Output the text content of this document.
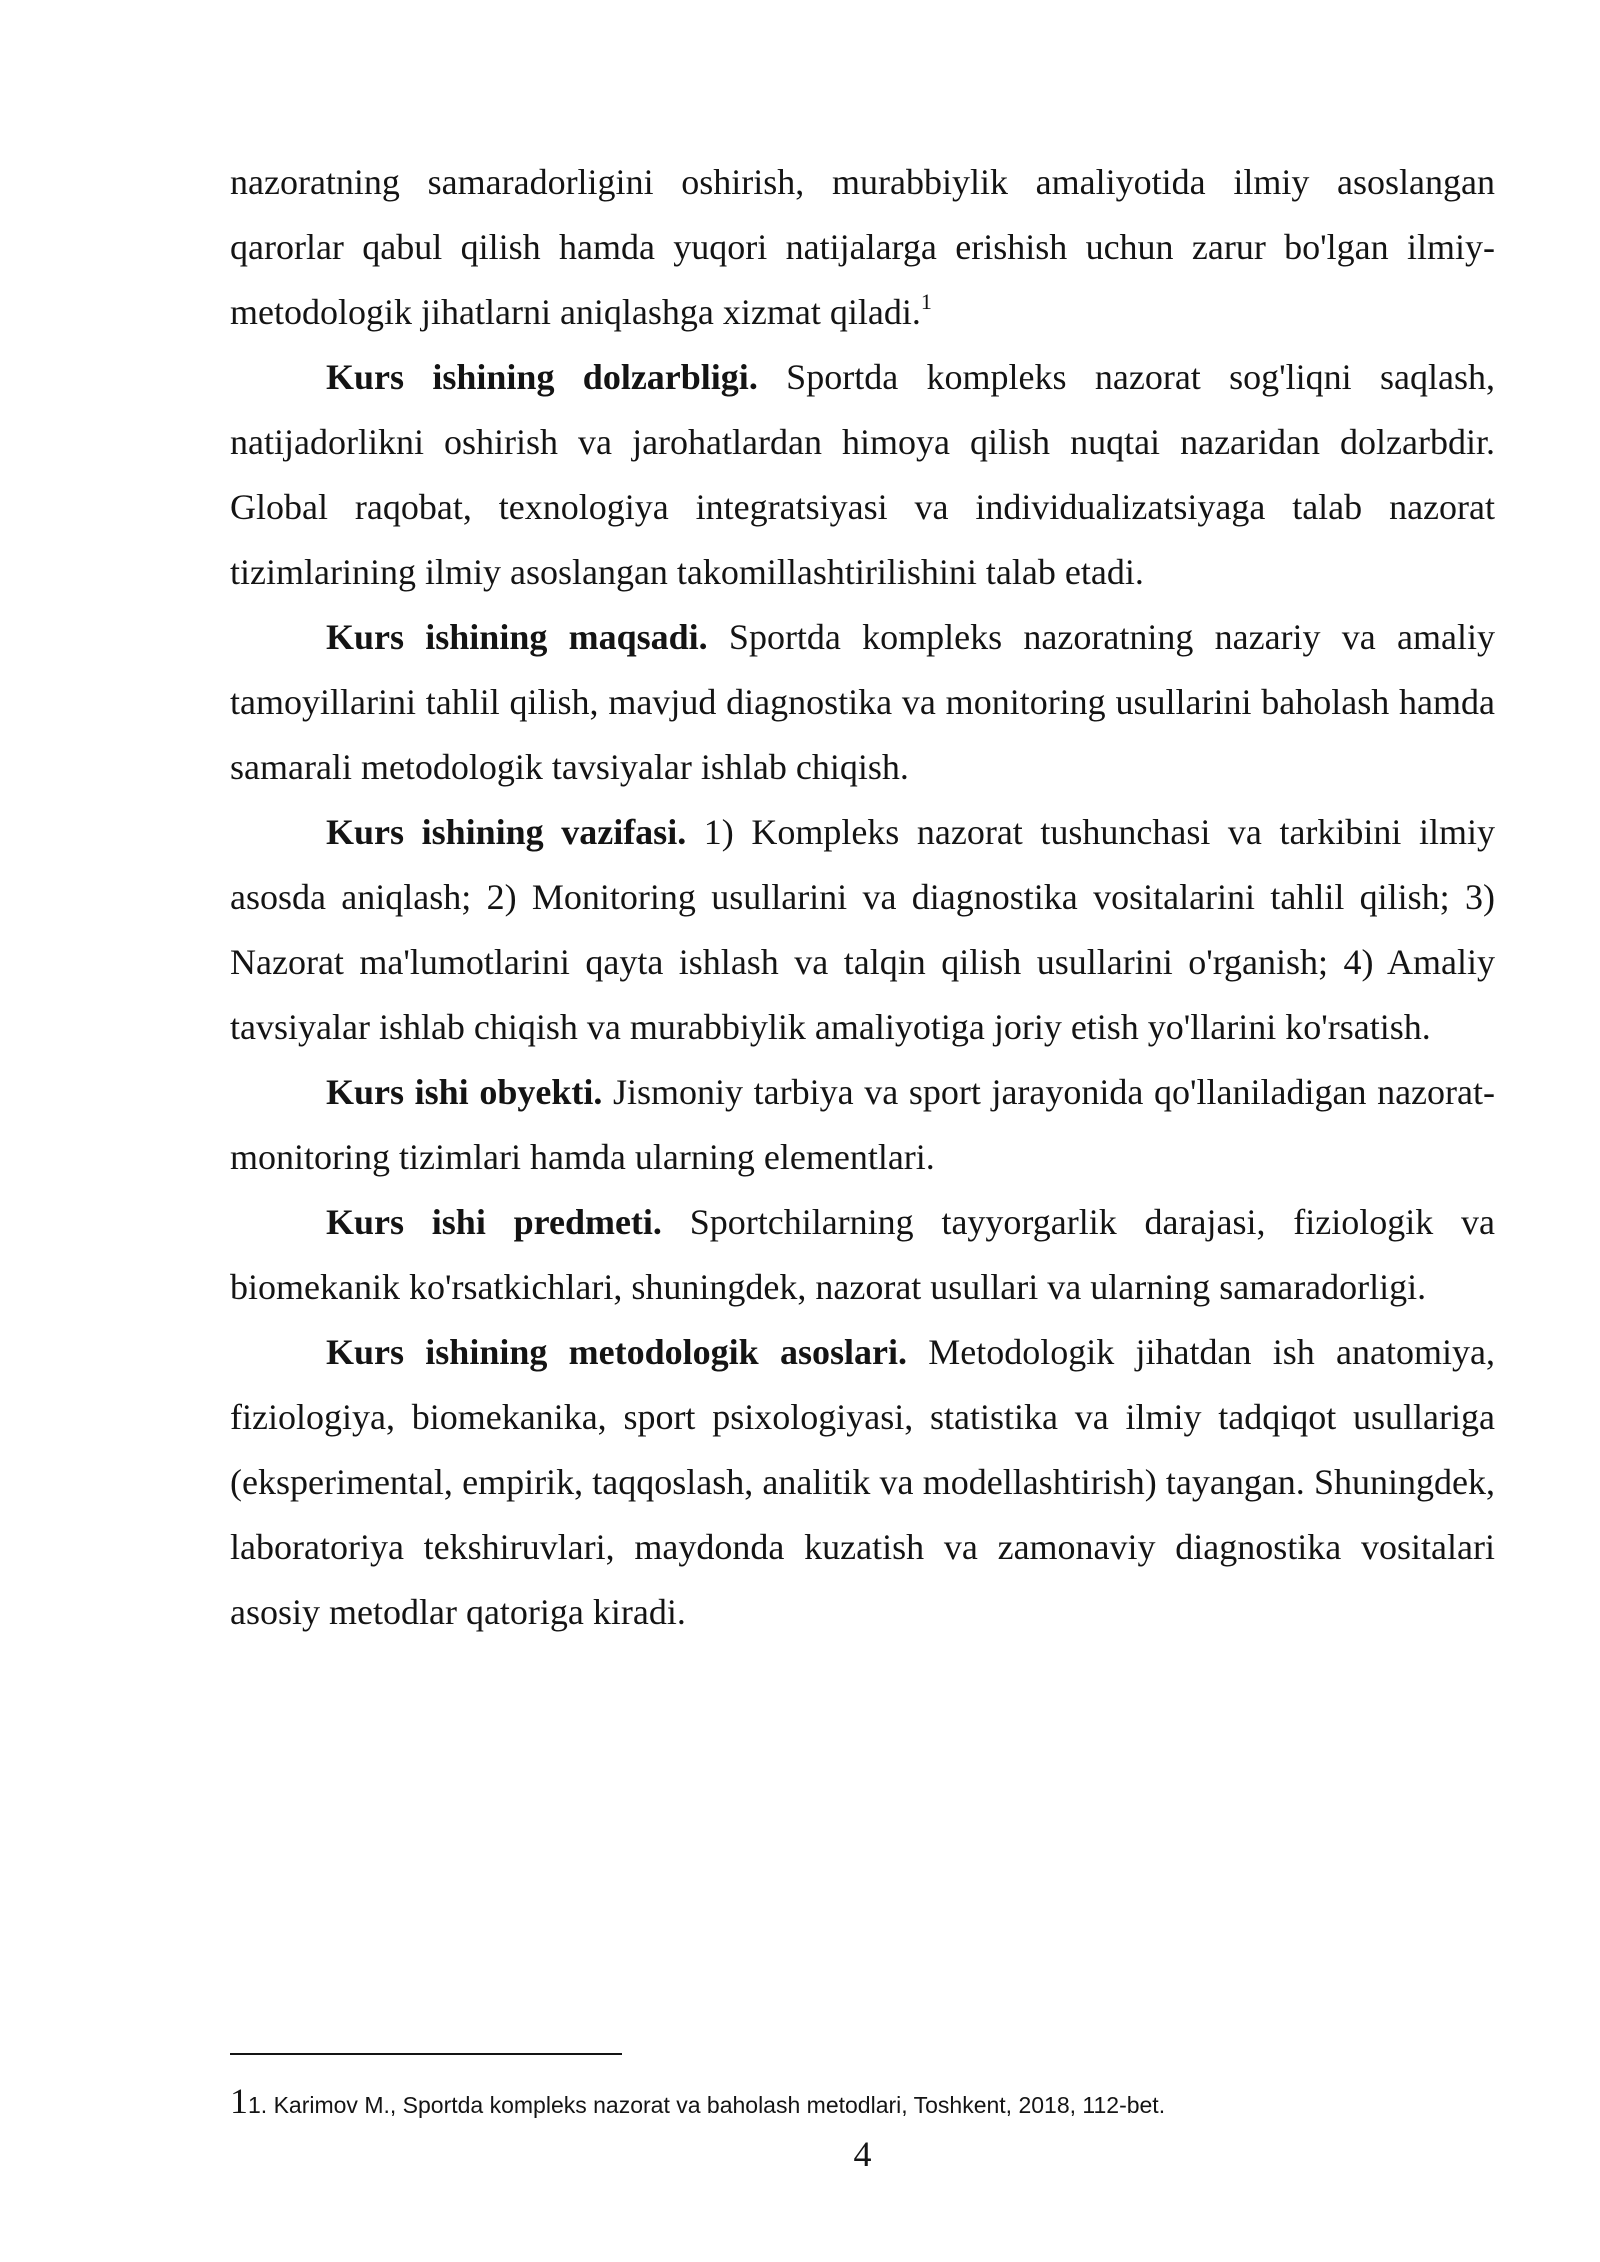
nazoratning samaradorligini oshirish, murabbiylik amaliyotida ilmiy asoslangan qarorlar qabul qilish hamda yuqori natijalarga erishish uchun zarur bo'lgan ilmiy-metodologik jihatlarni aniqlashga xizmat qiladi.$^1$

Kurs ishining dolzarbligi. Sportda kompleks nazorat sog'liqni saqlash, natijadorlikni oshirish va jarohatlardan himoya qilish nuqtai nazaridan dolzarbdir. Global raqobat, texnologiya integratsiyasi va individualizatsiyaga talab nazorat tizimlarining ilmiy asoslangan takomillashtirilishini talab etadi.

Kurs ishining maqsadi. Sportda kompleks nazoratning nazariy va amaliy tamoyillarini tahlil qilish, mavjud diagnostika va monitoring usullarini baholash hamda samarali metodologik tavsiyalar ishlab chiqish.

Kurs ishining vazifasi. 1) Kompleks nazorat tushunchasi va tarkibini ilmiy asosda aniqlash; 2) Monitoring usullarini va diagnostika vositalarini tahlil qilish; 3) Nazorat ma'lumotlarini qayta ishlash va talqin qilish usullarini o'rganish; 4) Amaliy tavsiyalar ishlab chiqish va murabbiylik amaliyotiga joriy etish yo'llarini ko'rsatish.

Kurs ishi obyekti. Jismoniy tarbiya va sport jarayonida qo'llaniladigan nazorat-monitoring tizimlari hamda ularning elementlari.

Kurs ishi predmeti. Sportchilarning tayyorgarlik darajasi, fiziologik va biomekanik ko'rsatkichlari, shuningdek, nazorat usullari va ularning samaradorligi.

Kurs ishining metodologik asoslari. Metodologik jihatdan ish anatomiya, fiziologiya, biomekanika, sport psixologiyasi, statistika va ilmiy tadqiqot usullariga (eksperimental, empirik, taqqoslash, analitik va modellashtirish) tayangan. Shuningdek, laboratoriya tekshiruvlari, maydonda kuzatish va zamonaviy diagnostika vositalari asosiy metodlar qatoriga kiradi.

11. Karimov M., Sportda kompleks nazorat va baholash metodlari, Toshkent, 2018, 112-bet.
4
